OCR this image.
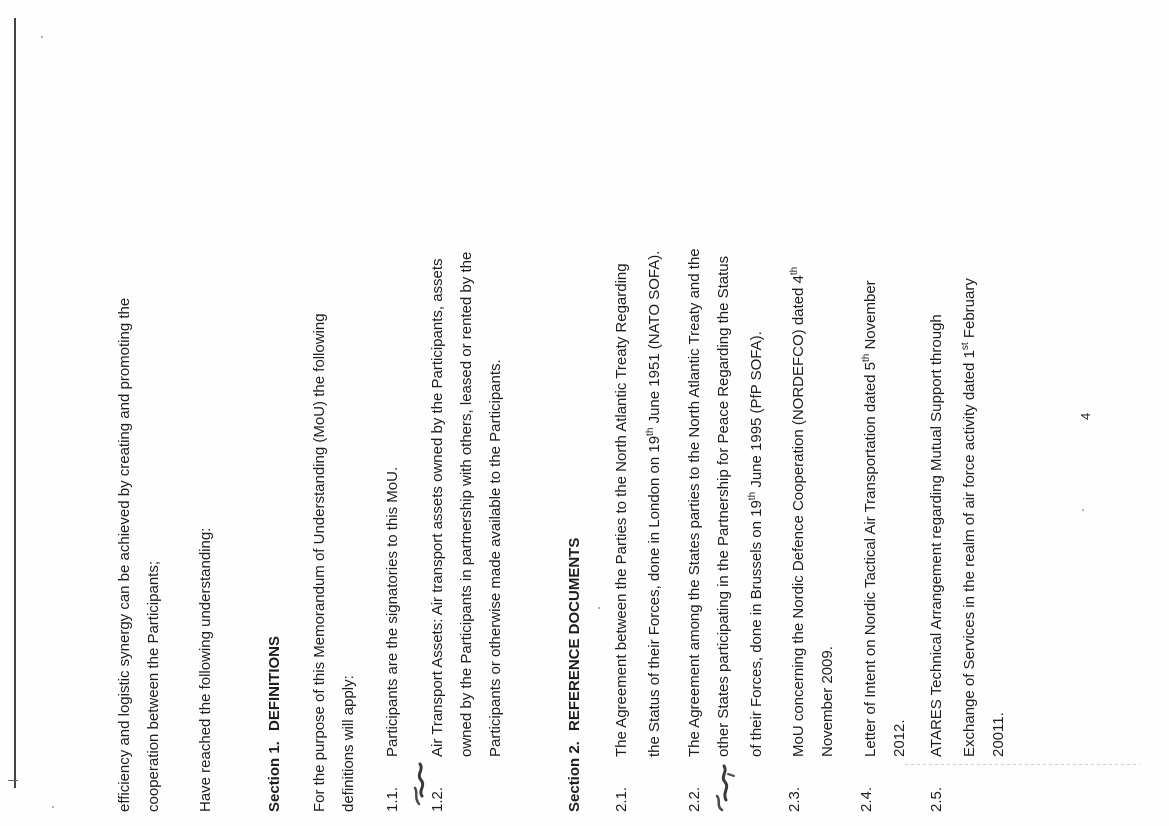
efficiency and logistic synergy can be achieved by creating and promoting the cooperation between the Participants;	Have reached the following understanding:	Section 1.DEFINITIONS	For the purpose of this Memorandum of Understanding (MoU) the following definitions will apply:	1.1.
Participants are the signatories to this MoU.
1.2.
Air Transport Assets: Air transport assets owned by the Participants, assets owned by the Participants in partnership with others, leased or rented by the Participants or otherwise made available to the Participants.
Section 2.REFERENCE DOCUMENTS
2.1.
The Agreement between the Parties to the North Atlantic Treaty Regarding	the Status of their Forces, done in London on 19th June 1951 (NATO SOFA).
2.2.
The Agreement among the States parties to the North Atlantic Treaty and the other States participating in the Partnership for Peace Regarding the Status	of their Forces, done in Brussels on 19th June 1995 (PfP SOFA).
2.3.
MoU concerning the Nordic Defence Cooperation (NORDEFCO) dated 4th
November 2009.
2.4.
Letter of Intent on Nordic Tactical Air Transportation dated 5th November
2012.
2.5.
ATARES Technical Arrangement regarding Mutual Support through	Exchange of Services in the realm of air force activity dated 1st February
20011.
4
